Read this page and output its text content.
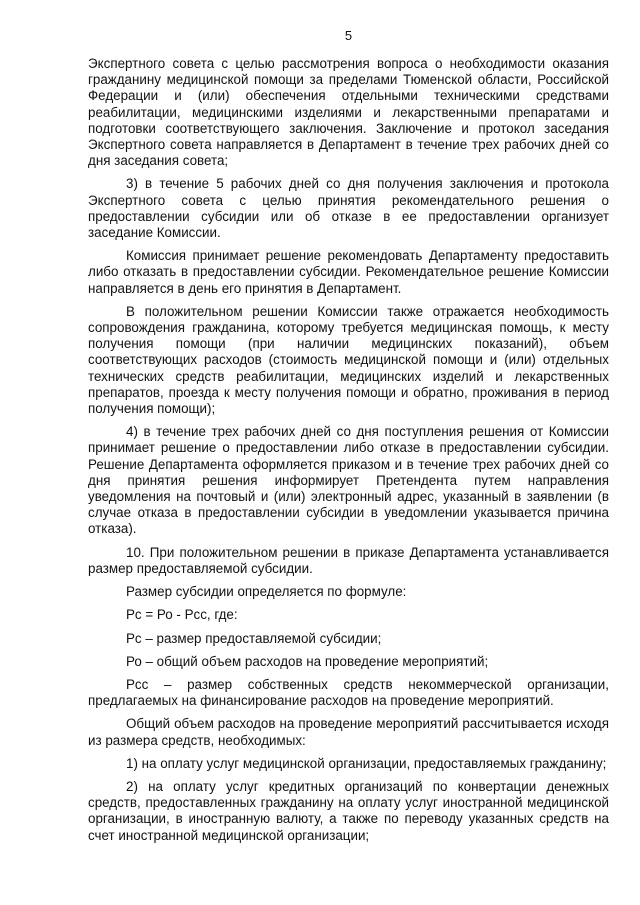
5

Экспертного совета с целью рассмотрения вопроса о необходимости оказания гражданину медицинской помощи за пределами Тюменской области, Российской Федерации и (или) обеспечения отдельными техническими средствами реабилитации, медицинскими изделиями и лекарственными препаратами и подготовки соответствующего заключения. Заключение и протокол заседания Экспертного совета направляется в Департамент в течение трех рабочих дней со дня заседания совета;

3) в течение 5 рабочих дней со дня получения заключения и протокола Экспертного совета с целью принятия рекомендательного решения о предоставлении субсидии или об отказе в ее предоставлении организует заседание Комиссии.

Комиссия принимает решение рекомендовать Департаменту предоставить либо отказать в предоставлении субсидии. Рекомендательное решение Комиссии направляется в день его принятия в Департамент.

В положительном решении Комиссии также отражается необходимость сопровождения гражданина, которому требуется медицинская помощь, к месту получения помощи (при наличии медицинских показаний), объем соответствующих расходов (стоимость медицинской помощи и (или) отдельных технических средств реабилитации, медицинских изделий и лекарственных препаратов, проезда к месту получения помощи и обратно, проживания в период получения помощи);

4) в течение трех рабочих дней со дня поступления решения от Комиссии принимает решение о предоставлении либо отказе в предоставлении субсидии. Решение Департамента оформляется приказом и в течение трех рабочих дней со дня принятия решения информирует Претендента путем направления уведомления на почтовый и (или) электронный адрес, указанный в заявлении (в случае отказа в предоставлении субсидии в уведомлении указывается причина отказа).

10. При положительном решении в приказе Департамента устанавливается размер предоставляемой субсидии.

Размер субсидии определяется по формуле:

Рс = Ро - Рсс, где:

Рс – размер предоставляемой субсидии;

Ро – общий объем расходов на проведение мероприятий;

Рсс – размер собственных средств некоммерческой организации, предлагаемых на финансирование расходов на проведение мероприятий.

Общий объем расходов на проведение мероприятий рассчитывается исходя из размера средств, необходимых:

1) на оплату услуг медицинской организации, предоставляемых гражданину;

2) на оплату услуг кредитных организаций по конвертации денежных средств, предоставленных гражданину на оплату услуг иностранной медицинской организации, в иностранную валюту, а также по переводу указанных средств на счет иностранной медицинской организации;
